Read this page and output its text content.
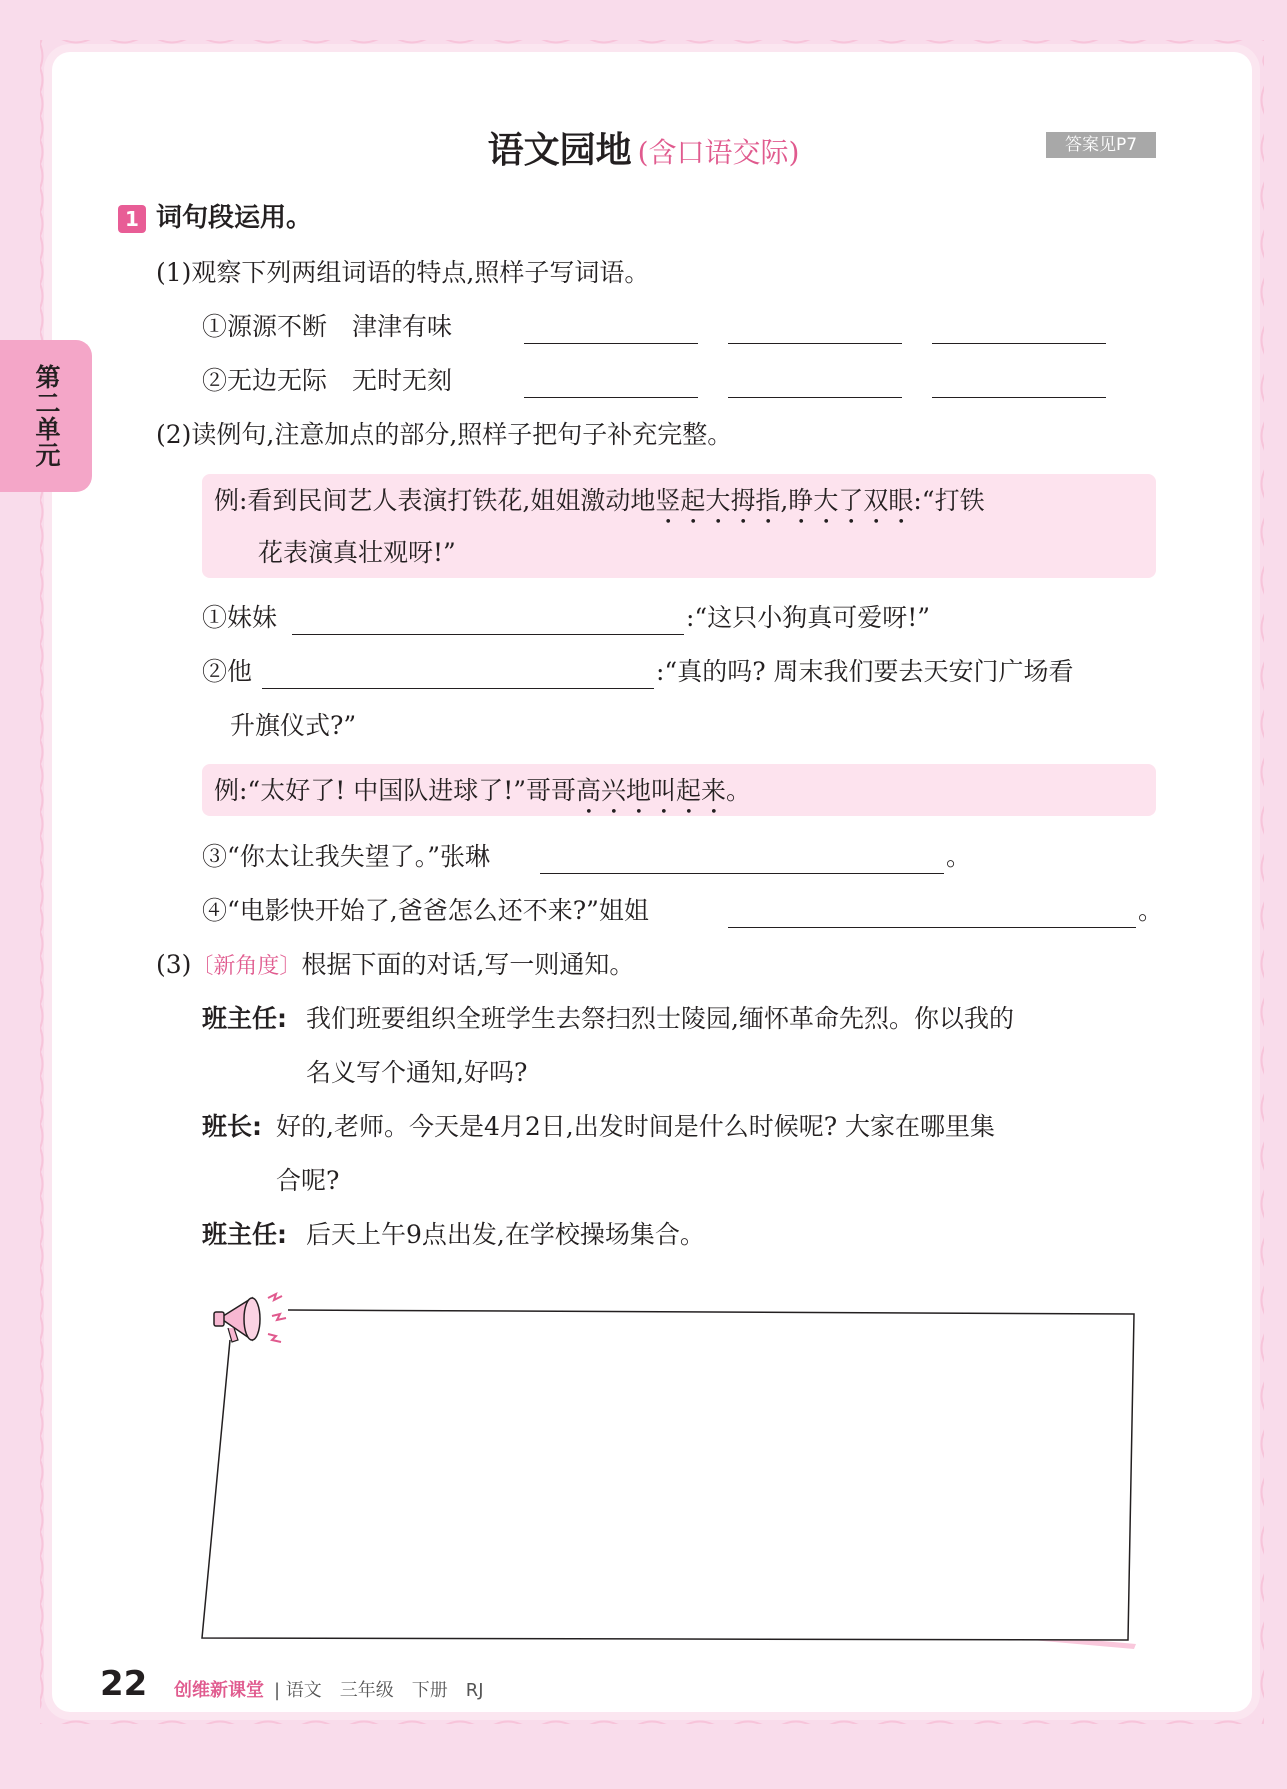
语文园地 (含口语交际)	答案见P7
第二单元
1 词句段运用。
(1)观察下列两组词语的特点,照样子写词语。
①源源不断　津津有味
②无边无际　无时无刻
(2)读例句,注意加点的部分,照样子把句子补充完整。
例:看到民间艺人表演打铁花,姐姐激动地竖起大拇指,睁大了双眼:“打铁
花表演真壮观呀!”
①妹妹	:“这只小狗真可爱呀!”
②他	:“真的吗? 周末我们要去天安门广场看
升旗仪式?”
例:“太好了! 中国队进球了!”哥哥高兴地叫起来。
③“你太让我失望了。”张琳	。
④“电影快开始了,爸爸怎么还不来?”姐姐	。
(3)〔新角度〕根据下面的对话,写一则通知。
班主任: 我们班要组织全班学生去祭扫烈士陵园,缅怀革命先烈。你以我的
名义写个通知,好吗?
班长: 好的,老师。今天是4月2日,出发时间是什么时候呢? 大家在哪里集
合呢?
班主任: 后天上午9点出发,在学校操场集合。
22 创维新课堂 | 语文　三年级　下册　RJ
